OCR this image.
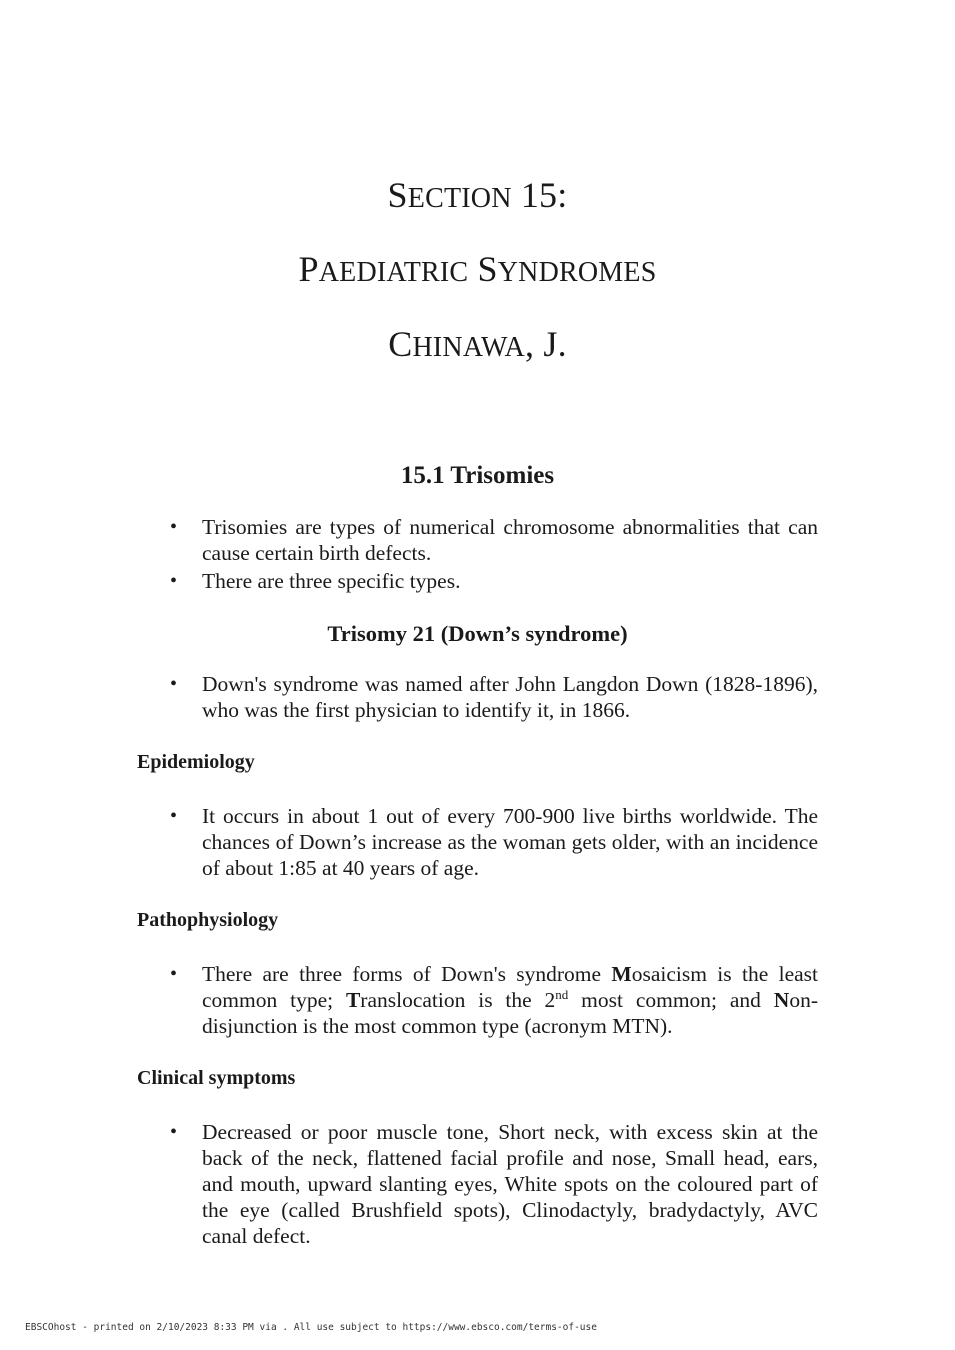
SECTION 15:
PAEDIATRIC SYNDROMES
CHINAWA, J.
15.1 Trisomies
• Trisomies are types of numerical chromosome abnormalities that can cause certain birth defects.
• There are three specific types.
Trisomy 21 (Down’s syndrome)
• Down's syndrome was named after John Langdon Down (1828-1896), who was the first physician to identify it, in 1866.
Epidemiology
• It occurs in about 1 out of every 700-900 live births worldwide. The chances of Down’s increase as the woman gets older, with an incidence of about 1:85 at 40 years of age.
Pathophysiology
• There are three forms of Down's syndrome Mosaicism is the least common type; Translocation is the 2nd most common; and Non-disjunction is the most common type (acronym MTN).
Clinical symptoms
• Decreased or poor muscle tone, Short neck, with excess skin at the back of the neck, flattened facial profile and nose, Small head, ears, and mouth, upward slanting eyes, White spots on the coloured part of the eye (called Brushfield spots), Clinodactyly, bradydactyly, AVC canal defect.
EBSCOhost - printed on 2/10/2023 8:33 PM via . All use subject to https://www.ebsco.com/terms-of-use
